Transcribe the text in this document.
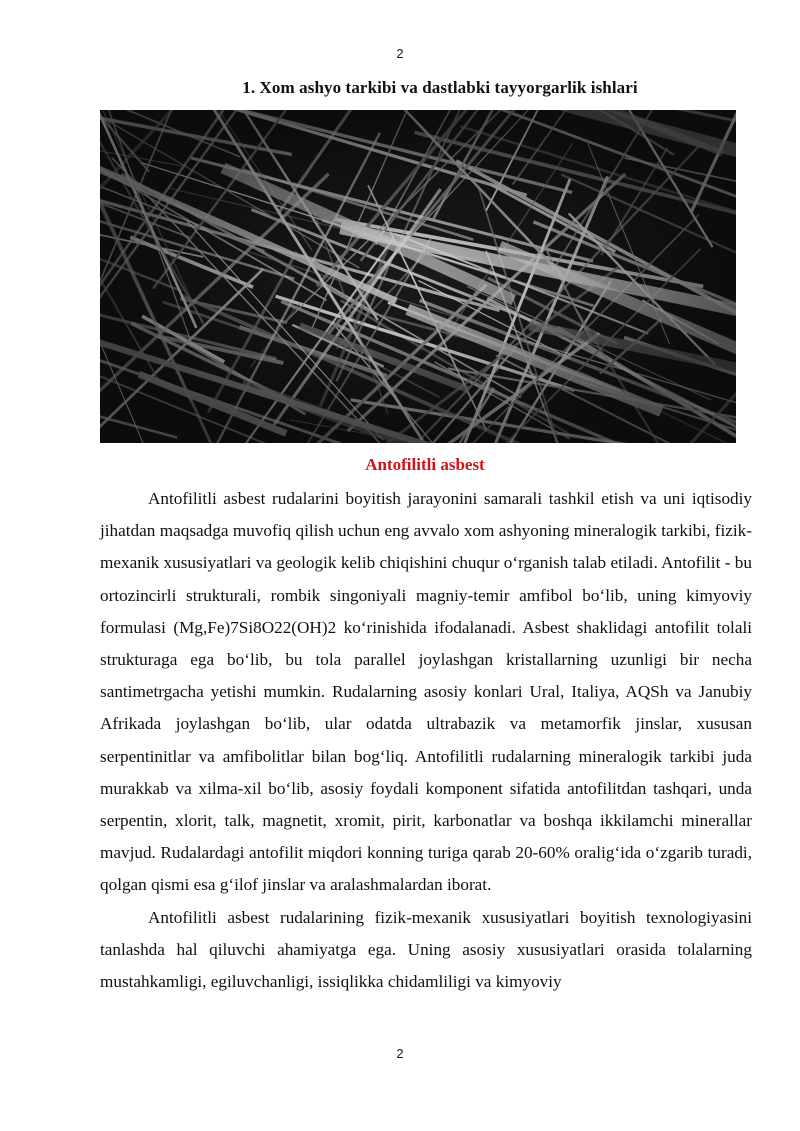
2
1. Xom ashyo tarkibi va dastlabki tayyorgarlik ishlari
Antofilitli asbest

Antofilitli asbest rudalarini boyitish jarayonini samarali tashkil etish va uni iqtisodiy jihatdan maqsadga muvofiq qilish uchun eng avvalo xom ashyoning mineralogik tarkibi, fizik-mexanik xususiyatlari va geologik kelib chiqishini chuqur o‘rganish talab etiladi. Antofilit - bu ortozincirli strukturali, rombik singoniyali magniy-temir amfibol bo‘lib, uning kimyoviy formulasi (Mg,Fe)7Si8O22(OH)2 ko‘rinishida ifodalanadi. Asbest shaklidagi antofilit tolali strukturaga ega bo‘lib, bu tola parallel joylashgan kristallarning uzunligi bir necha santimetrgacha yetishi mumkin. Rudalarning asosiy konlari Ural, Italiya, AQSh va Janubiy Afrikada joylashgan bo‘lib, ular odatda ultrabazik va metamorfik jinslar, xususan serpentinitlar va amfibolitlar bilan bog‘liq. Antofilitli rudalarning mineralogik tarkibi juda murakkab va xilma-xil bo‘lib, asosiy foydali komponent sifatida antofilitdan tashqari, unda serpentin, xlorit, talk, magnetit, xromit, pirit, karbonatlar va boshqa ikkilamchi minerallar mavjud. Rudalardagi antofilit miqdori konning turiga qarab 20-60% oralig‘ida o‘zgarib turadi, qolgan qismi esa g‘ilof jinslar va aralashmalardan iborat.

Antofilitli asbest rudalarining fizik-mexanik xususiyatlari boyitish texnologiyasini tanlashda hal qiluvchi ahamiyatga ega. Uning asosiy xususiyatlari orasida tolalarning mustahkamligi, egiluvchanligi, issiqlikka chidamliligi va kimyoviy

2
